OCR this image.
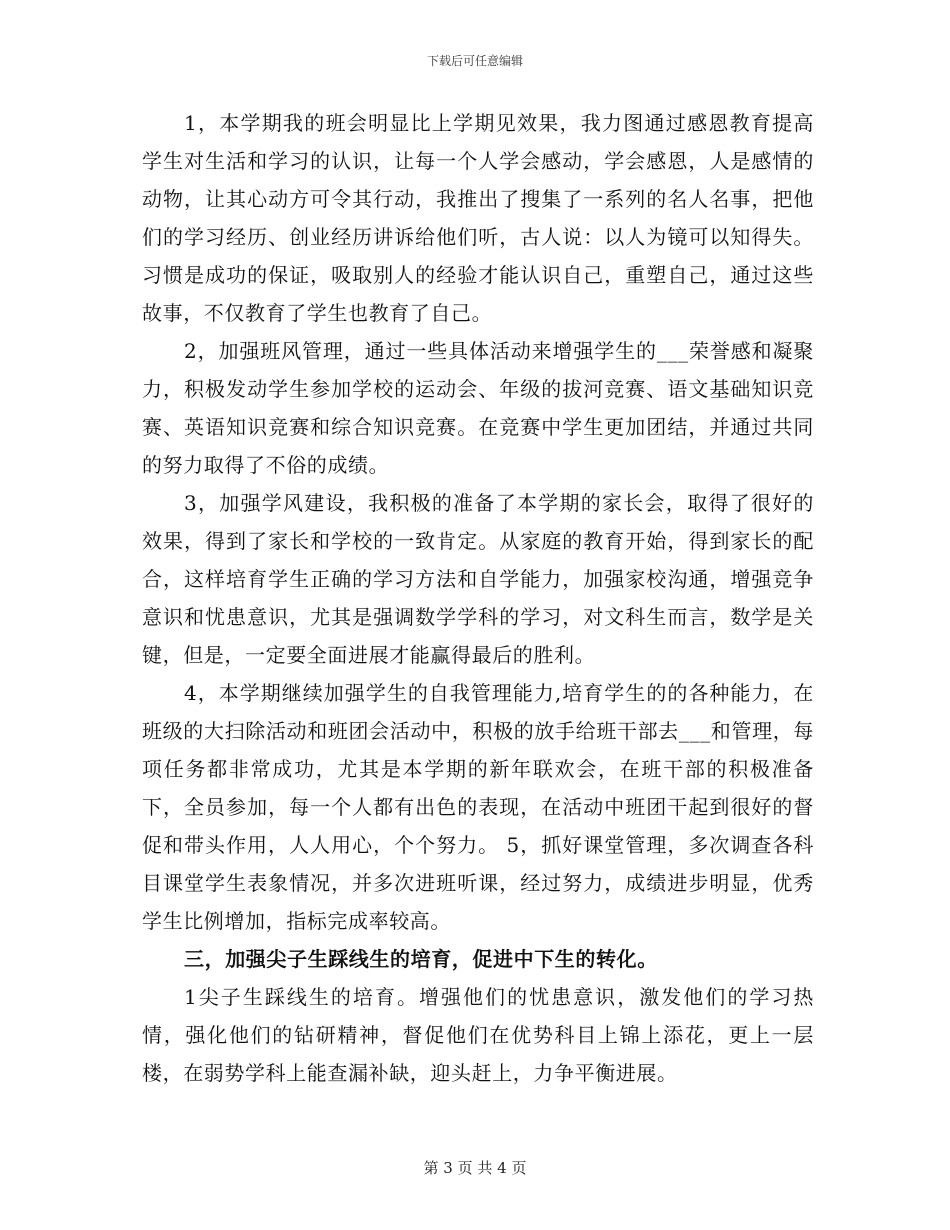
下载后可任意编辑

1，本学期我的班会明显比上学期见效果，我力图通过感恩教育提高学生对生活和学习的认识，让每一个人学会感动，学会感恩，人是感情的动物，让其心动方可令其行动，我推出了搜集了一系列的名人名事，把他们的学习经历、创业经历讲诉给他们听，古人说：以人为镜可以知得失。习惯是成功的保证，吸取别人的经验才能认识自己，重塑自己，通过这些故事，不仅教育了学生也教育了自己。

2，加强班风管理，通过一些具体活动来增强学生的___荣誉感和凝聚力，积极发动学生参加学校的运动会、年级的拔河竞赛、语文基础知识竞赛、英语知识竞赛和综合知识竞赛。在竞赛中学生更加团结，并通过共同的努力取得了不俗的成绩。

3，加强学风建设，我积极的准备了本学期的家长会，取得了很好的效果，得到了家长和学校的一致肯定。从家庭的教育开始，得到家长的配合，这样培育学生正确的学习方法和自学能力，加强家校沟通，增强竞争意识和忧患意识，尤其是强调数学学科的学习，对文科生而言，数学是关键，但是，一定要全面进展才能赢得最后的胜利。

4，本学期继续加强学生的自我管理能力,培育学生的的各种能力，在班级的大扫除活动和班团会活动中，积极的放手给班干部去___和管理，每项任务都非常成功，尤其是本学期的新年联欢会，在班干部的积极准备下，全员参加，每一个人都有出色的表现，在活动中班团干起到很好的督促和带头作用，人人用心，个个努力。 5，抓好课堂管理，多次调查各科目课堂学生表象情况，并多次进班听课，经过努力，成绩进步明显，优秀学生比例增加，指标完成率较高。

三，加强尖子生踩线生的培育，促进中下生的转化。

1尖子生踩线生的培育。增强他们的忧患意识，激发他们的学习热情，强化他们的钻研精神，督促他们在优势科目上锦上添花，更上一层楼，在弱势学科上能查漏补缺，迎头赶上，力争平衡进展。

第 3 页 共 4 页
